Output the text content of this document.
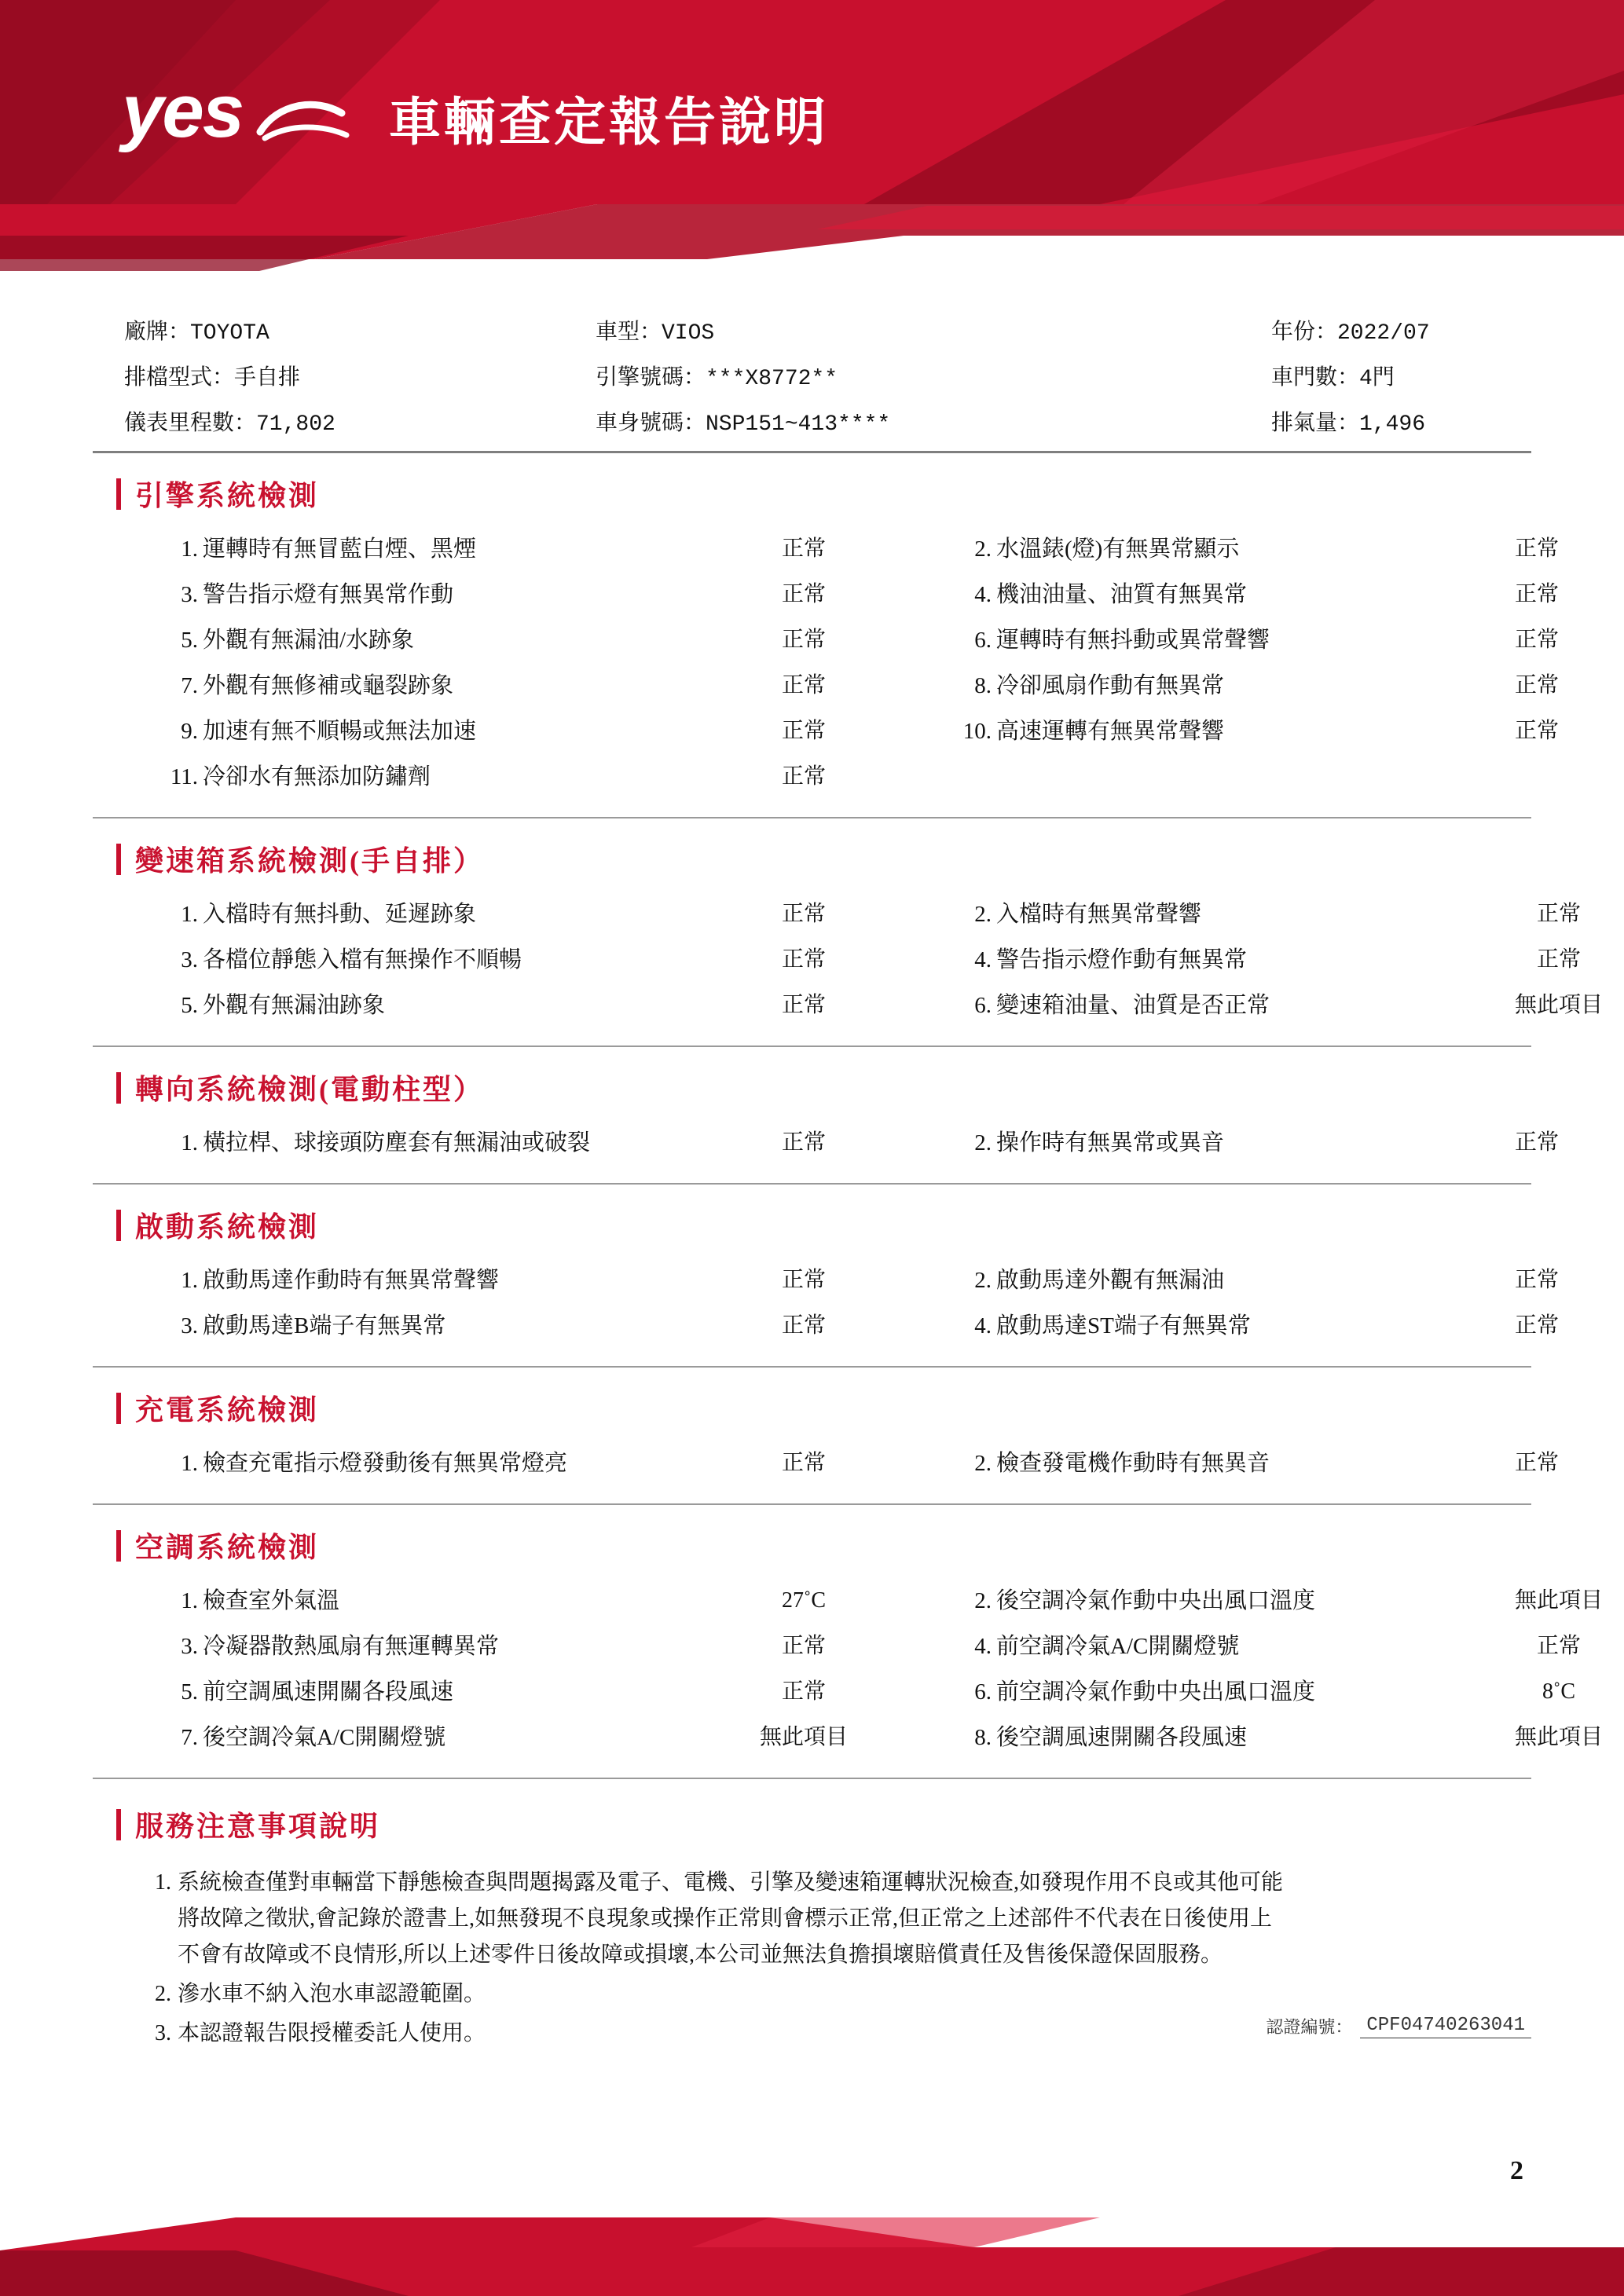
yes	車輛查定報告說明
廠牌：TOYOTA	車型：VIOS	年份：2022/07
排檔型式：手自排	引擎號碼：***X8772**	車門數：4門
儀表里程數：71,802	車身號碼：NSP151~413****	排氣量：1,496
引擎系統檢測
1. 運轉時有無冒藍白煙、黑煙	正常	2. 水溫錶(燈)有無異常顯示	正常
3. 警告指示燈有無異常作動	正常	4. 機油油量、油質有無異常	正常
5. 外觀有無漏油/水跡象	正常	6. 運轉時有無抖動或異常聲響	正常
7. 外觀有無修補或龜裂跡象	正常	8. 冷卻風扇作動有無異常	正常
9. 加速有無不順暢或無法加速	正常	10. 高速運轉有無異常聲響	正常
11. 冷卻水有無添加防鏽劑	正常

變速箱系統檢測(手自排）
1. 入檔時有無抖動、延遲跡象	正常	2. 入檔時有無異常聲響	正常
3. 各檔位靜態入檔有無操作不順暢	正常	4. 警告指示燈作動有無異常	正常
5. 外觀有無漏油跡象	正常	6. 變速箱油量、油質是否正常	無此項目
轉向系統檢測(電動柱型）
1. 橫拉桿、球接頭防塵套有無漏油或破裂	正常	2. 操作時有無異常或異音	正常
啟動系統檢測
1. 啟動馬達作動時有無異常聲響	正常	2. 啟動馬達外觀有無漏油	正常
3. 啟動馬達B端子有無異常	正常	4. 啟動馬達ST端子有無異常	正常
充電系統檢測
1. 檢查充電指示燈發動後有無異常燈亮	正常	2. 檢查發電機作動時有無異音	正常
空調系統檢測
1. 檢查室外氣溫	27˚C	2. 後空調冷氣作動中央出風口溫度	無此項目
3. 冷凝器散熱風扇有無運轉異常	正常	4. 前空調冷氣A/C開關燈號	正常
5. 前空調風速開關各段風速	正常	6. 前空調冷氣作動中央出風口溫度	8˚C
7. 後空調冷氣A/C開關燈號	無此項目	8. 後空調風速開關各段風速	無此項目
服務注意事項說明
1. 系統檢查僅對車輛當下靜態檢查與問題揭露及電子、電機、引擎及變速箱運轉狀況檢查,如發現作用不良或其他可能
將故障之徵狀,會記錄於證書上,如無發現不良現象或操作正常則會標示正常,但正常之上述部件不代表在日後使用上
不會有故障或不良情形,所以上述零件日後故障或損壞,本公司並無法負擔損壞賠償責任及售後保證保固服務。
2. 滲水車不納入泡水車認證範圍。
3. 本認證報告限授權委託人使用。	認證編號： CPF04740263041
2
